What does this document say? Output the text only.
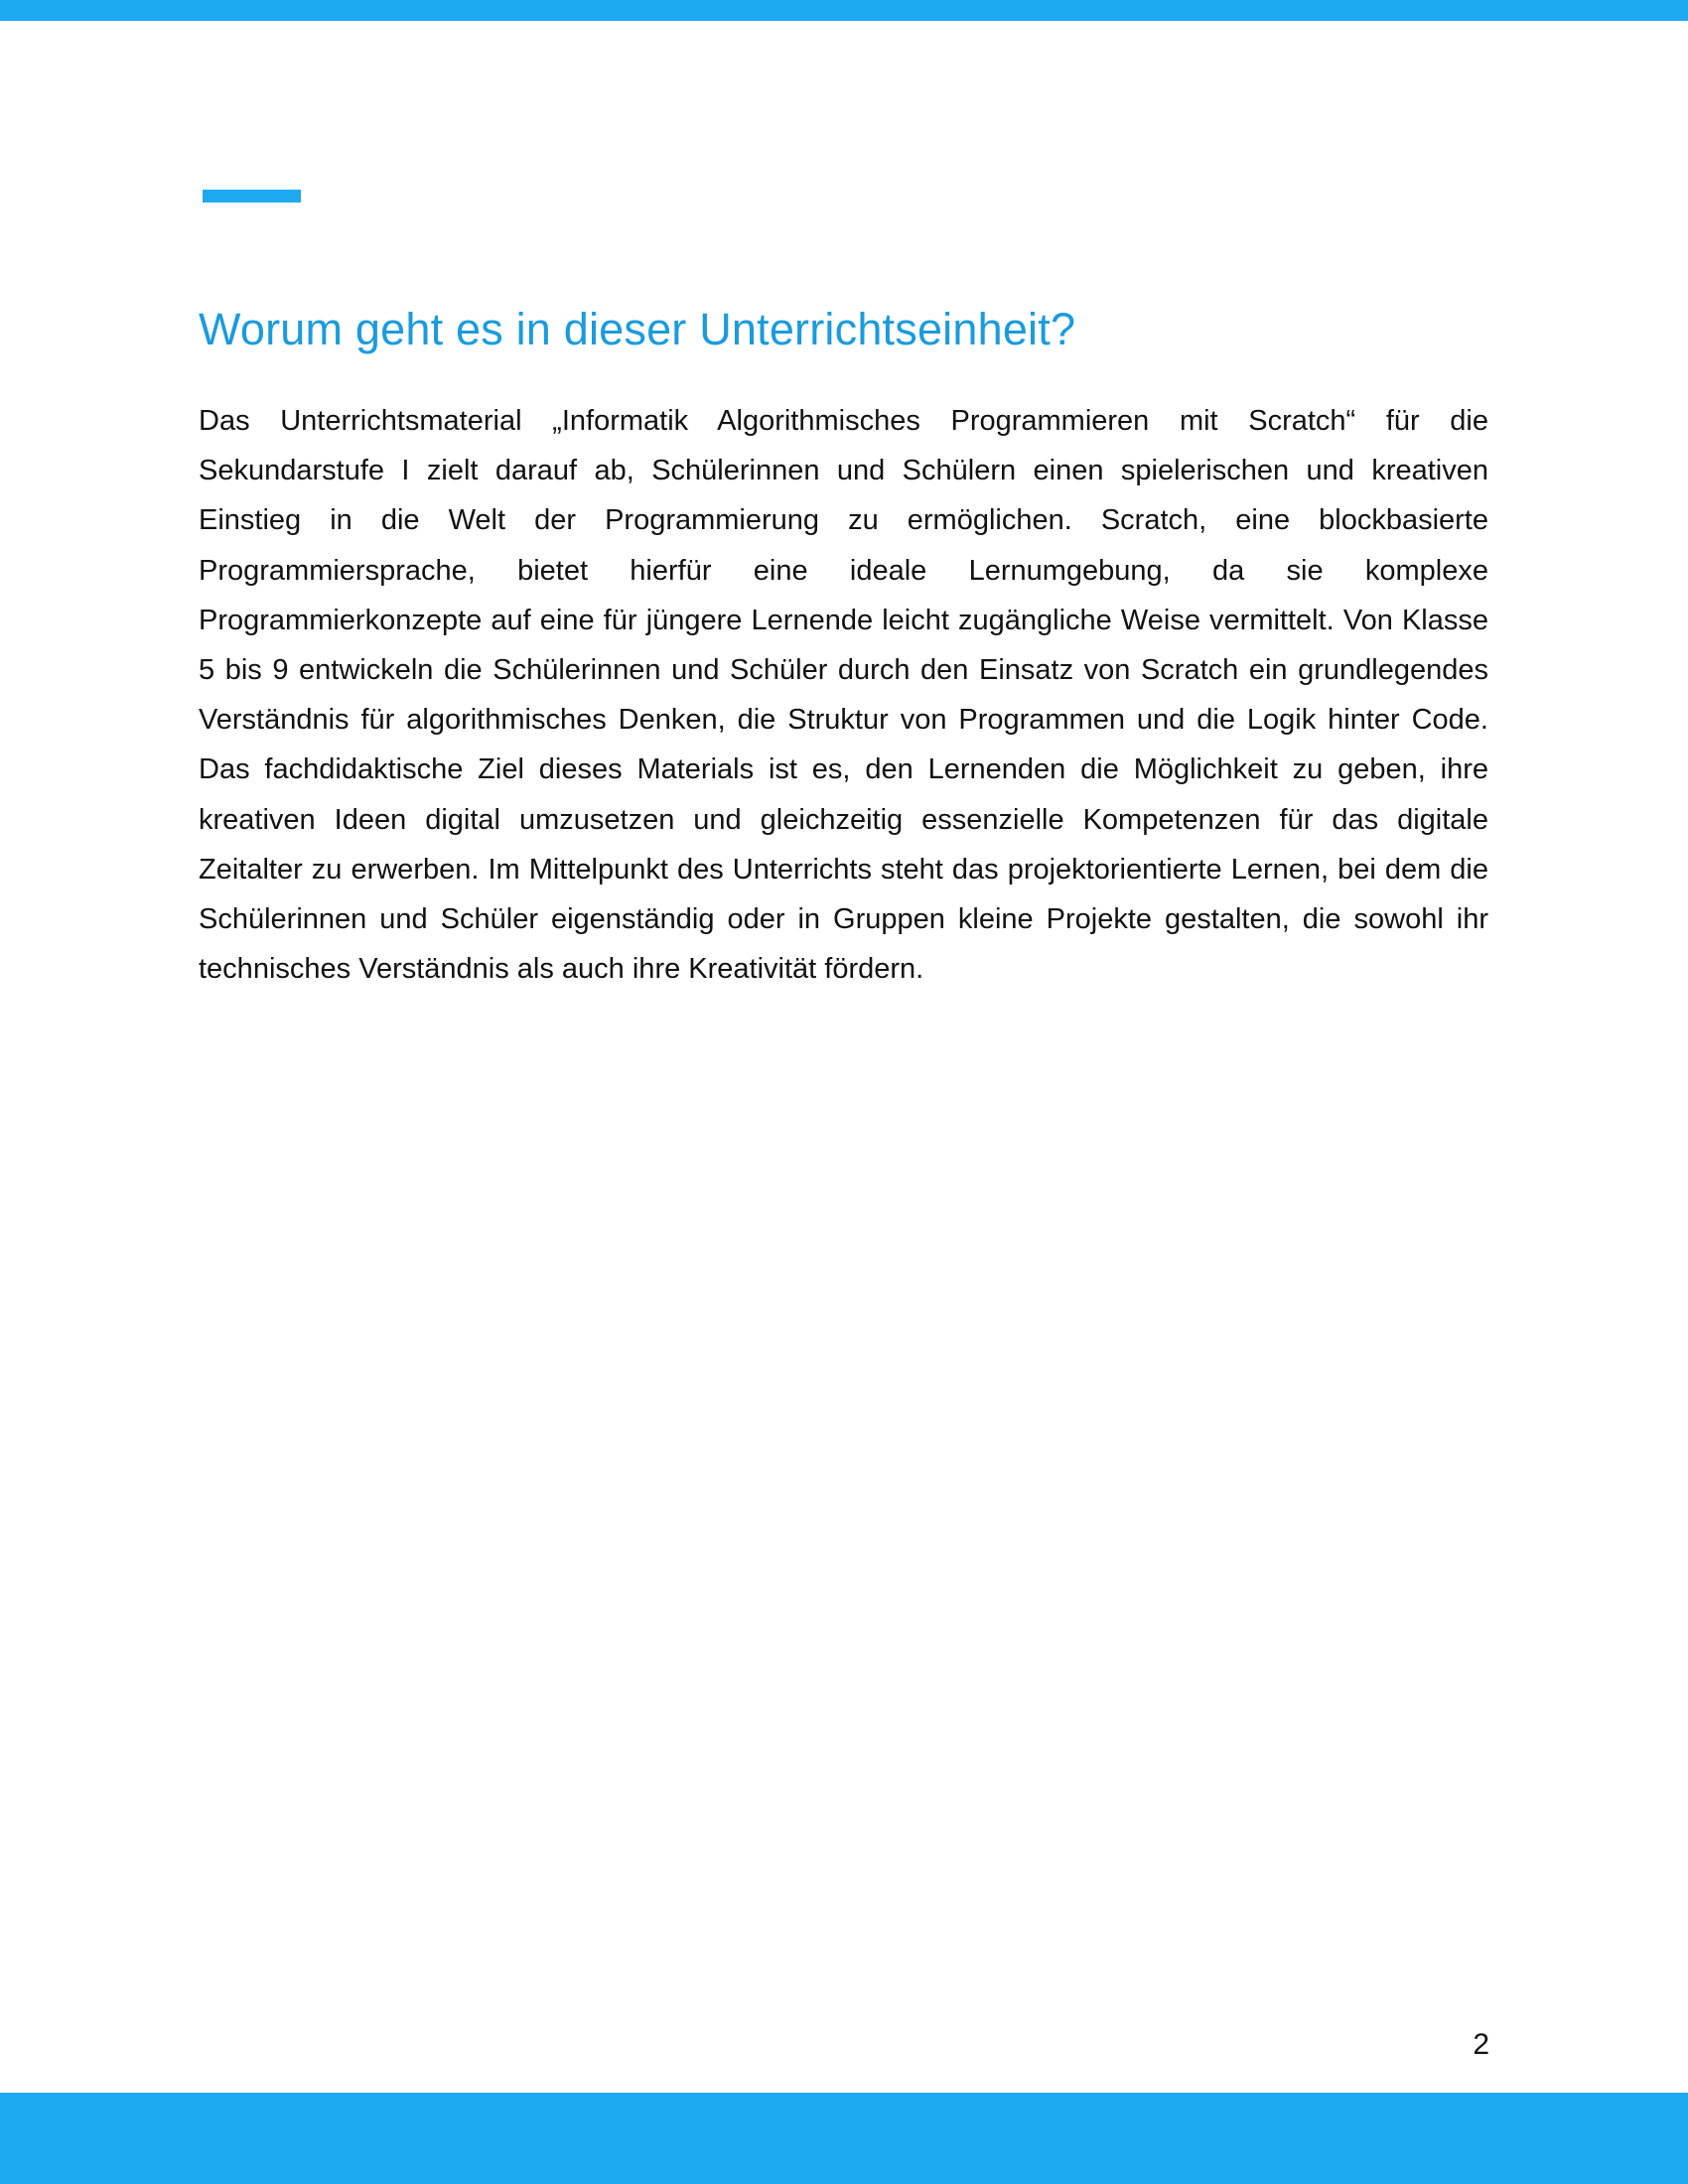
Worum geht es in dieser Unterrichtseinheit?

Das Unterrichtsmaterial „Informatik Algorithmisches Programmieren mit Scratch“ für die Sekundarstufe I zielt darauf ab, Schülerinnen und Schülern einen spielerischen und kreativen Einstieg in die Welt der Programmierung zu ermöglichen. Scratch, eine blockbasierte Programmiersprache, bietet hierfür eine ideale Lernumgebung, da sie komplexe Programmierkonzepte auf eine für jüngere Lernende leicht zugängliche Weise vermittelt. Von Klasse 5 bis 9 entwickeln die Schülerinnen und Schüler durch den Einsatz von Scratch ein grundlegendes Verständnis für algorithmisches Denken, die Struktur von Programmen und die Logik hinter Code. Das fachdidaktische Ziel dieses Materials ist es, den Lernenden die Möglichkeit zu geben, ihre kreativen Ideen digital umzusetzen und gleichzeitig essenzielle Kompetenzen für das digitale Zeitalter zu erwerben. Im Mittelpunkt des Unterrichts steht das projektorientierte Lernen, bei dem die Schülerinnen und Schüler eigenständig oder in Gruppen kleine Projekte gestalten, die sowohl ihr technisches Verständnis als auch ihre Kreativität fördern.

2
